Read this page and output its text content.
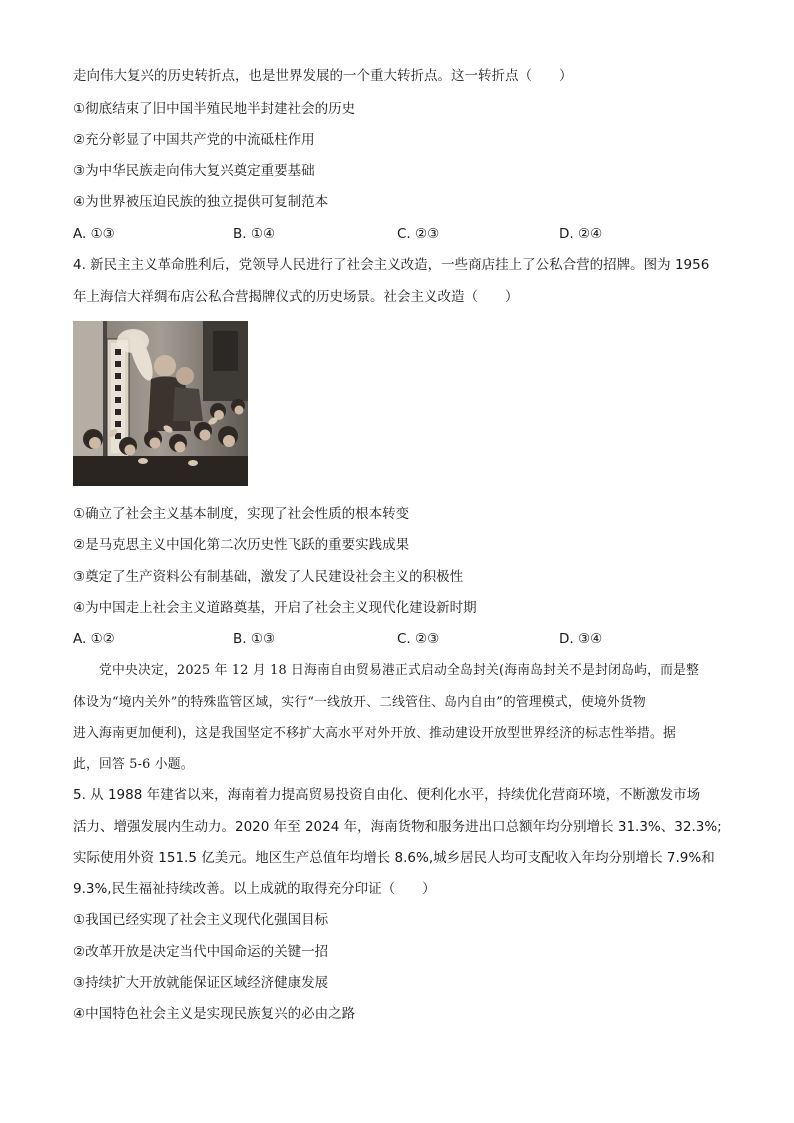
走向伟大复兴的历史转折点，也是世界发展的一个重大转折点。这一转折点（　　）
①彻底结束了旧中国半殖民地半封建社会的历史
②充分彰显了中国共产党的中流砥柱作用
③为中华民族走向伟大复兴奠定重要基础
④为世界被压迫民族的独立提供可复制范本
A. ①③	B. ①④	C. ②③	D. ②④
4. 新民主主义革命胜利后，党领导人民进行了社会主义改造，一些商店挂上了公私合营的招牌。图为 1956
年上海信大祥绸布店公私合营揭牌仪式的历史场景。社会主义改造（　　）
①确立了社会主义基本制度，实现了社会性质的根本转变
②是马克思主义中国化第二次历史性飞跃的重要实践成果
③奠定了生产资料公有制基础，激发了人民建设社会主义的积极性
④为中国走上社会主义道路奠基，开启了社会主义现代化建设新时期
A. ①②	B. ①③	C. ②③	D. ③④
党中央决定，2025 年 12 月 18 日海南自由贸易港正式启动全岛封关(海南岛封关不是封闭岛屿，而是整
体设为“境内关外”的特殊监管区域，实行“一线放开、二线管住、岛内自由”的管理模式，使境外货物
进入海南更加便利)，这是我国坚定不移扩大高水平对外开放、推动建设开放型世界经济的标志性举措。据
此，回答 5-6 小题。
5. 从 1988 年建省以来，海南着力提高贸易投资自由化、便利化水平，持续优化营商环境，不断激发市场
活力、增强发展内生动力。2020 年至 2024 年，海南货物和服务进出口总额年均分别增长 31.3%、32.3%;
实际使用外资 151.5 亿美元。地区生产总值年均增长 8.6%,城乡居民人均可支配收入年均分别增长 7.9%和
9.3%,民生福祉持续改善。以上成就的取得充分印证（　　）
①我国已经实现了社会主义现代化强国目标
②改革开放是决定当代中国命运的关键一招
③持续扩大开放就能保证区域经济健康发展
④中国特色社会主义是实现民族复兴的必由之路
